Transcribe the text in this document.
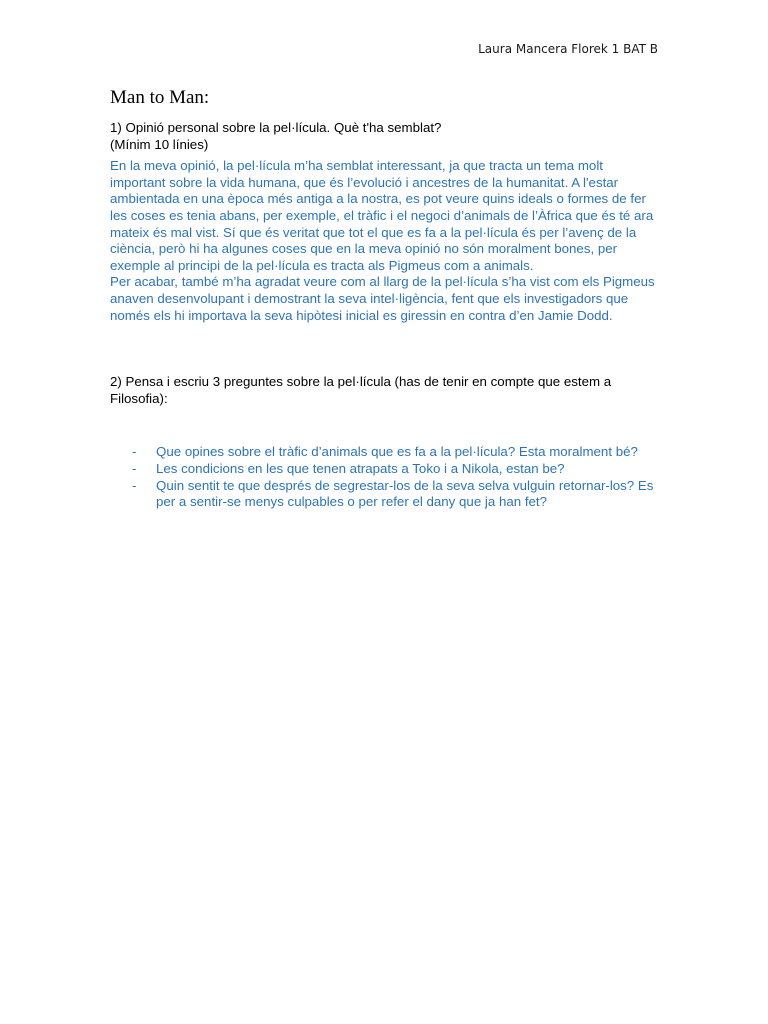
Laura Mancera Florek 1 BAT B
Man to Man:

1) Opinió personal sobre la pel·lícula. Què t'ha semblat?
(Mínim 10 línies)

En la meva opinió, la pel·lícula m’ha semblat interessant, ja que tracta un tema molt important sobre la vida humana, que és l’evolució i ancestres de la humanitat. A l'estar ambientada en una època més antiga a la nostra, es pot veure quins ideals o formes de fer les coses es tenia abans, per exemple, el tràfic i el negoci d’animals de l’Àfrica que és té ara mateix és mal vist. Sí que és veritat que tot el que es fa a la pel·lícula és per l’avenç de la ciència, però hi ha algunes coses que en la meva opinió no són moralment bones, per exemple al principi de la pel·lícula es tracta als Pigmeus com a animals.

Per acabar, també m’ha agradat veure com al llarg de la pel·lícula s’ha vist com els Pigmeus anaven desenvolupant i demostrant la seva intel·ligència, fent que els investigadors que només els hi importava la seva hipòtesi inicial es giressin en contra d’en Jamie Dodd.

2) Pensa i escriu 3 preguntes sobre la pel·lícula (has de tenir en compte que estem a Filosofia):

- Que opines sobre el tràfic d’animals que es fa a la pel·lícula? Esta moralment bé?
- Les condicions en les que tenen atrapats a Toko i a Nikola, estan be?
- Quin sentit te que després de segrestar-los de la seva selva vulguin retornar-los? Es per a sentir-se menys culpables o per refer el dany que ja han fet?
